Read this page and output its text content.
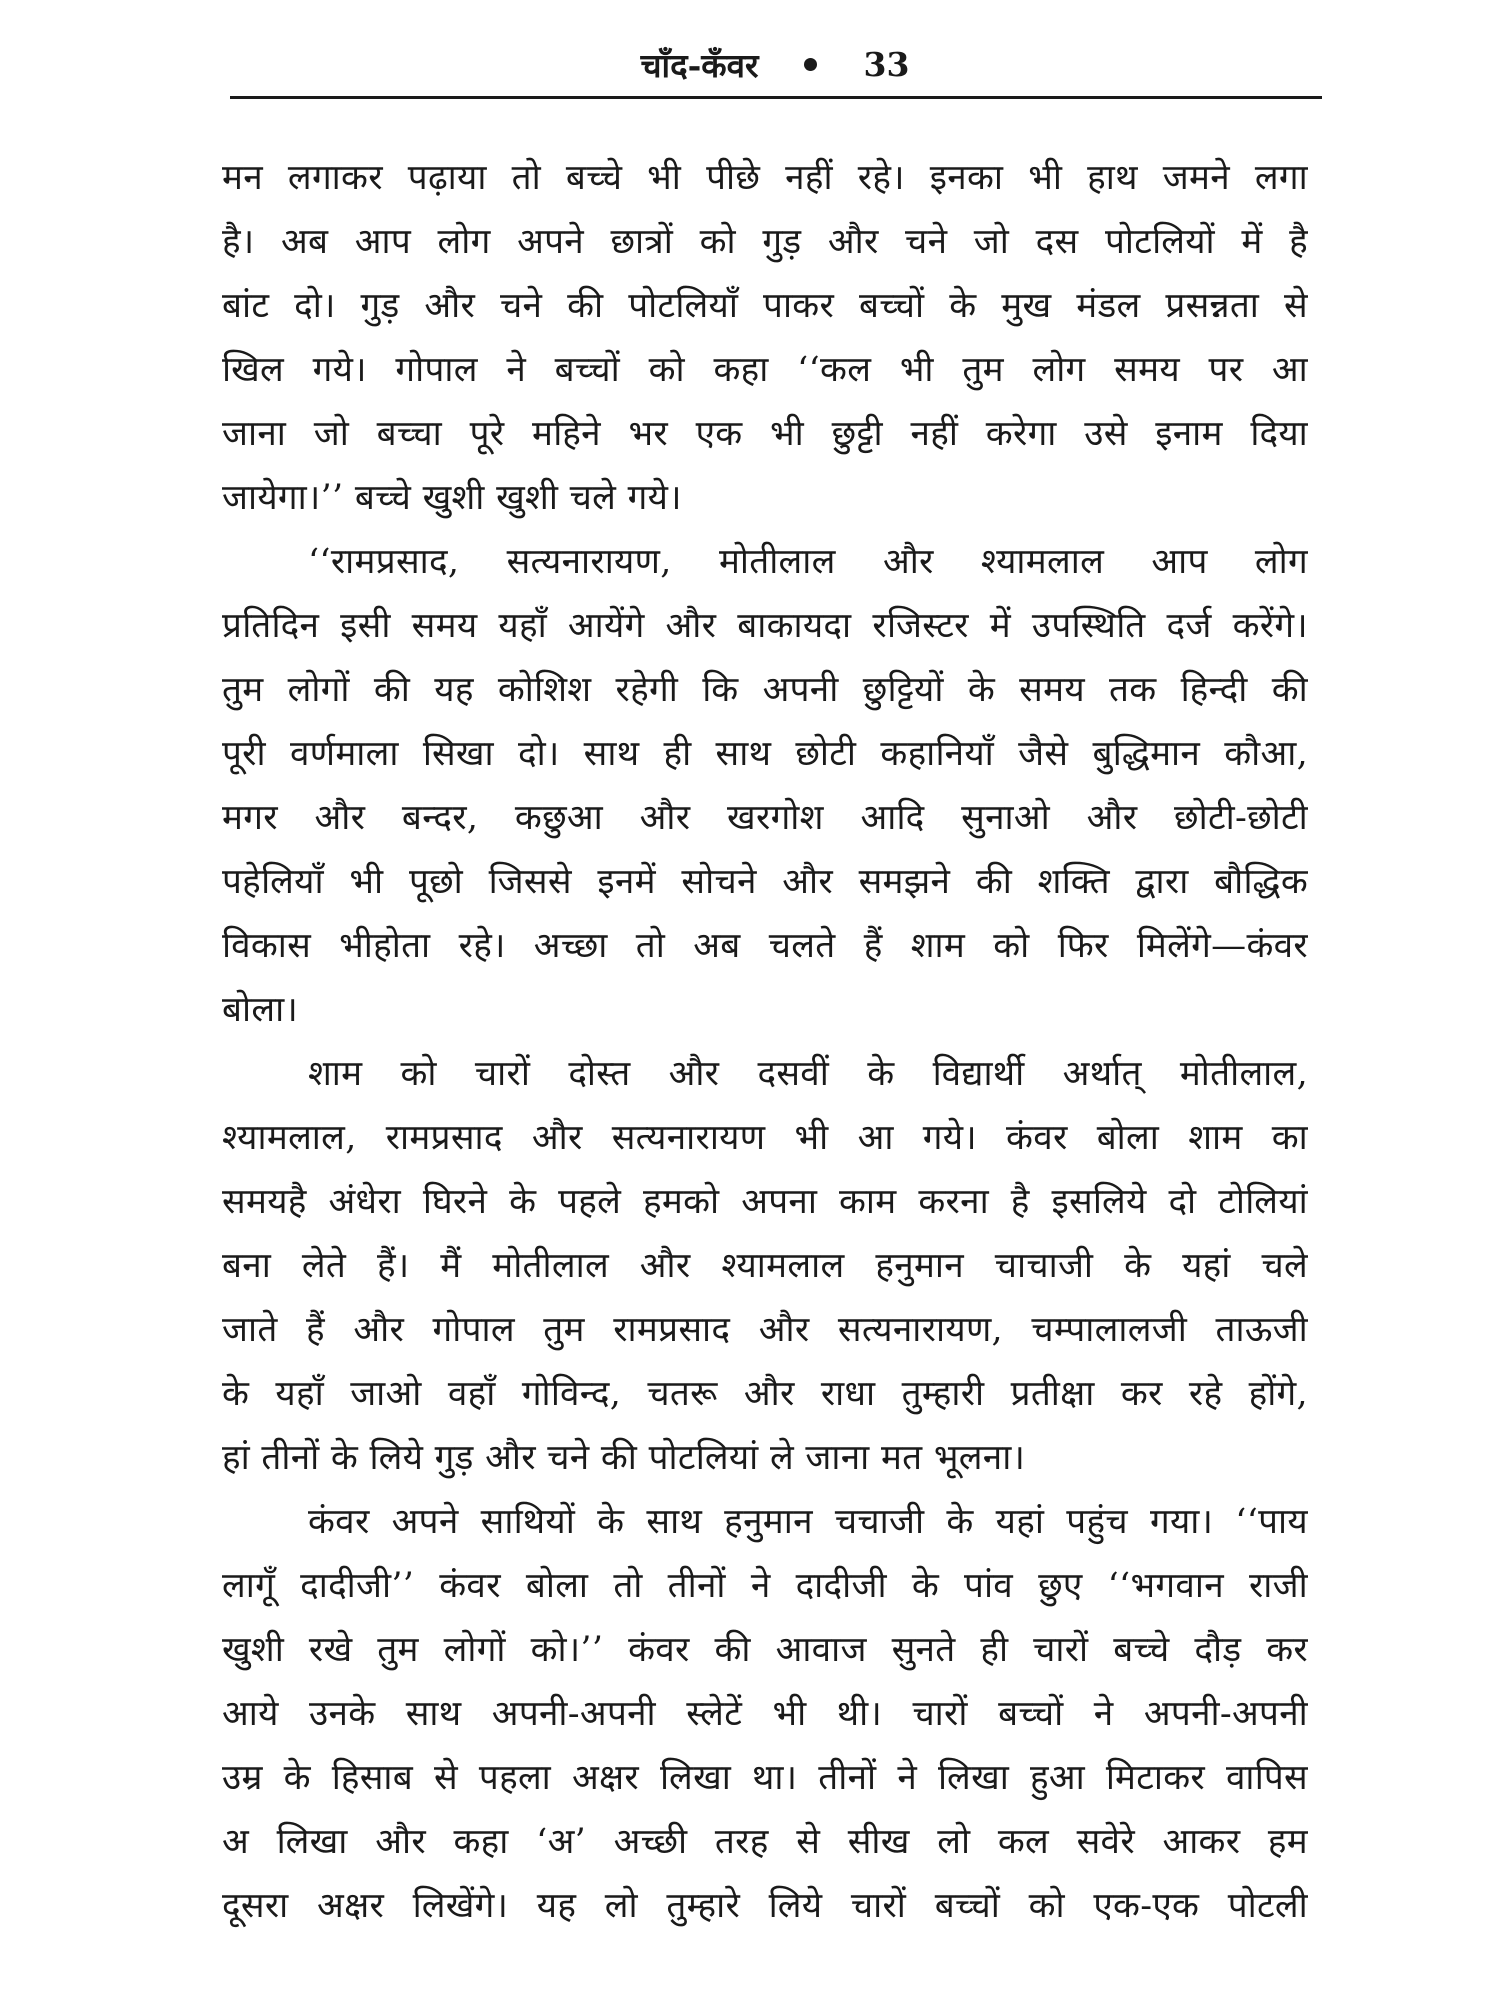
चाँद-कँवर	33
मन लगाकर पढ़ाया तो बच्चे भी पीछे नहीं रहे। इनका भी हाथ जमने लगा
है। अब आप लोग अपने छात्रों को गुड़ और चने जो दस पोटलियों में है
बांट दो। गुड़ और चने की पोटलियाँ पाकर बच्चों के मुख मंडल प्रसन्नता से
खिल गये। गोपाल ने बच्चों को कहा ‘‘कल भी तुम लोग समय पर आ
जाना जो बच्चा पूरे महिने भर एक भी छुट्टी नहीं करेगा उसे इनाम दिया
जायेगा।’’ बच्चे खुशी खुशी चले गये।
‘‘रामप्रसाद, सत्यनारायण, मोतीलाल और श्यामलाल आप लोग
प्रतिदिन इसी समय यहाँ आयेंगे और बाकायदा रजिस्टर में उपस्थिति दर्ज करेंगे।
तुम लोगों की यह कोशिश रहेगी कि अपनी छुट्टियों के समय तक हिन्दी की
पूरी वर्णमाला सिखा दो। साथ ही साथ छोटी कहानियाँ जैसे बुद्धिमान कौआ,
मगर और बन्दर, कछुआ और खरगोश आदि सुनाओ और छोटी-छोटी
पहेलियाँ भी पूछो जिससे इनमें सोचने और समझने की शक्ति द्वारा बौद्धिक
विकास भीहोता रहे। अच्छा तो अब चलते हैं शाम को फिर मिलेंगे—कंवर
बोला।
शाम को चारों दोस्त और दसवीं के विद्यार्थी अर्थात् मोतीलाल,
श्यामलाल, रामप्रसाद और सत्यनारायण भी आ गये। कंवर बोला शाम का
समयहै अंधेरा घिरने के पहले हमको अपना काम करना है इसलिये दो टोलियां
बना लेते हैं। मैं मोतीलाल और श्यामलाल हनुमान चाचाजी के यहां चले
जाते हैं और गोपाल तुम रामप्रसाद और सत्यनारायण, चम्पालालजी ताऊजी
के यहाँ जाओ वहाँ गोविन्द, चतरू और राधा तुम्हारी प्रतीक्षा कर रहे होंगे,
हां तीनों के लिये गुड़ और चने की पोटलियां ले जाना मत भूलना।
कंवर अपने साथियों के साथ हनुमान चचाजी के यहां पहुंच गया। ‘‘पाय
लागूँ दादीजी’’ कंवर बोला तो तीनों ने दादीजी के पांव छुए ‘‘भगवान राजी
खुशी रखे तुम लोगों को।’’ कंवर की आवाज सुनते ही चारों बच्चे दौड़ कर
आये उनके साथ अपनी-अपनी स्लेटें भी थी। चारों बच्चों ने अपनी-अपनी
उम्र के हिसाब से पहला अक्षर लिखा था। तीनों ने लिखा हुआ मिटाकर वापिस
अ लिखा और कहा ‘अ’ अच्छी तरह से सीख लो कल सवेरे आकर हम
दूसरा अक्षर लिखेंगे। यह लो तुम्हारे लिये चारों बच्चों को एक-एक पोटली
